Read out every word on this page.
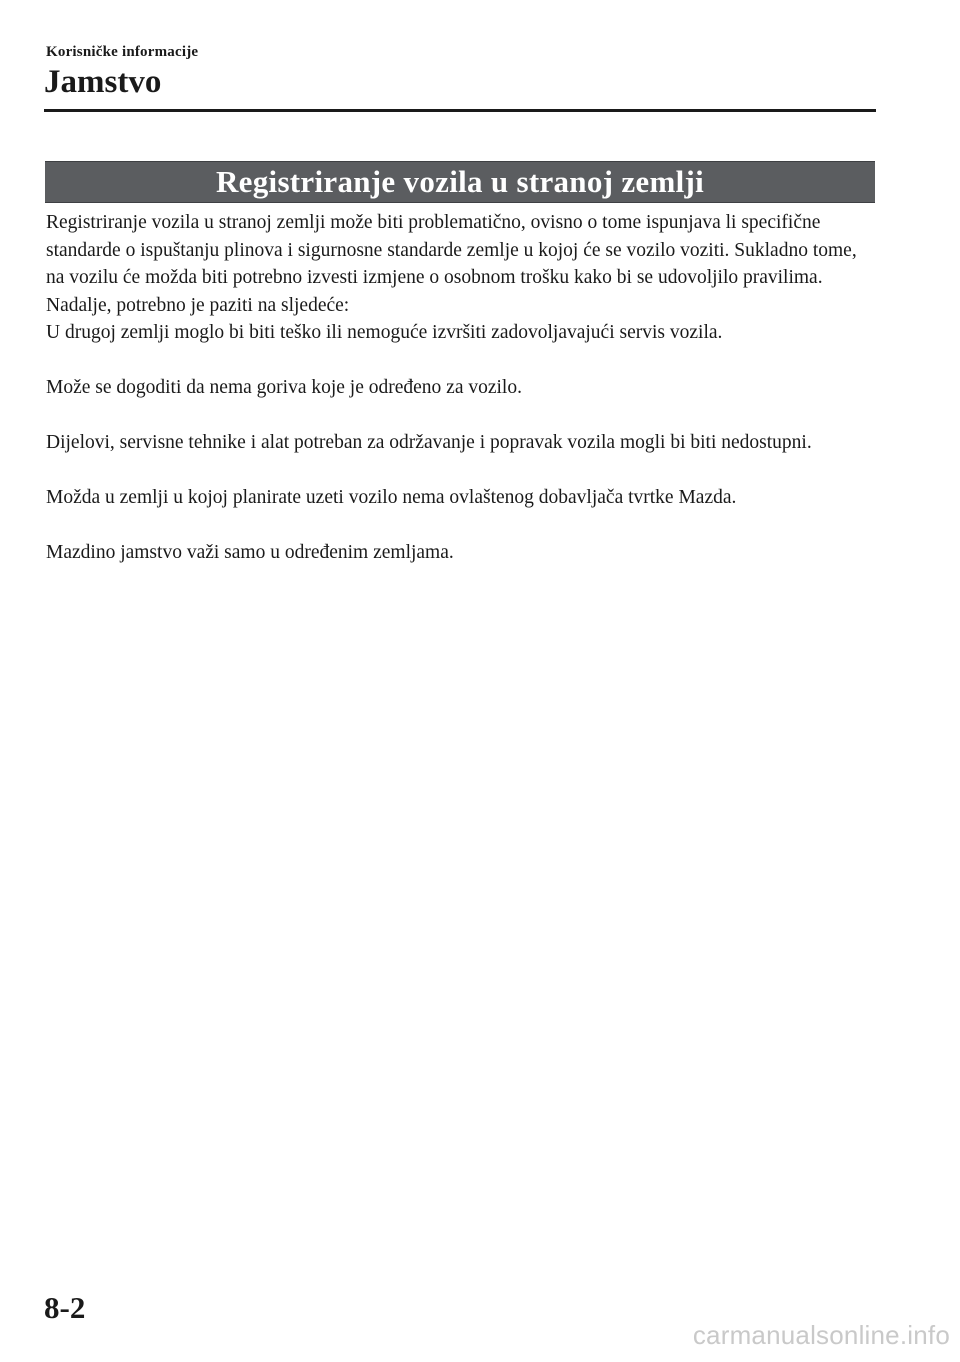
Korisničke informacije
Jamstvo
Registriranje vozila u stranoj zemlji

Registriranje vozila u stranoj zemlji može biti problematično, ovisno o tome ispunjava li specifične standarde o ispuštanju plinova i sigurnosne standarde zemlje u kojoj će se vozilo voziti. Sukladno tome, na vozilu će možda biti potrebno izvesti izmjene o osobnom trošku kako bi se udovoljilo pravilima.

Nadalje, potrebno je paziti na sljedeće:

U drugoj zemlji moglo bi biti teško ili nemoguće izvršiti zadovoljavajući servis vozila.

Može se dogoditi da nema goriva koje je određeno za vozilo.

Dijelovi, servisne tehnike i alat potreban za održavanje i popravak vozila mogli bi biti nedostupni.

Možda u zemlji u kojoj planirate uzeti vozilo nema ovlaštenog dobavljača tvrtke Mazda.

Mazdino jamstvo važi samo u određenim zemljama.

8-2
carmanualsonline.info
